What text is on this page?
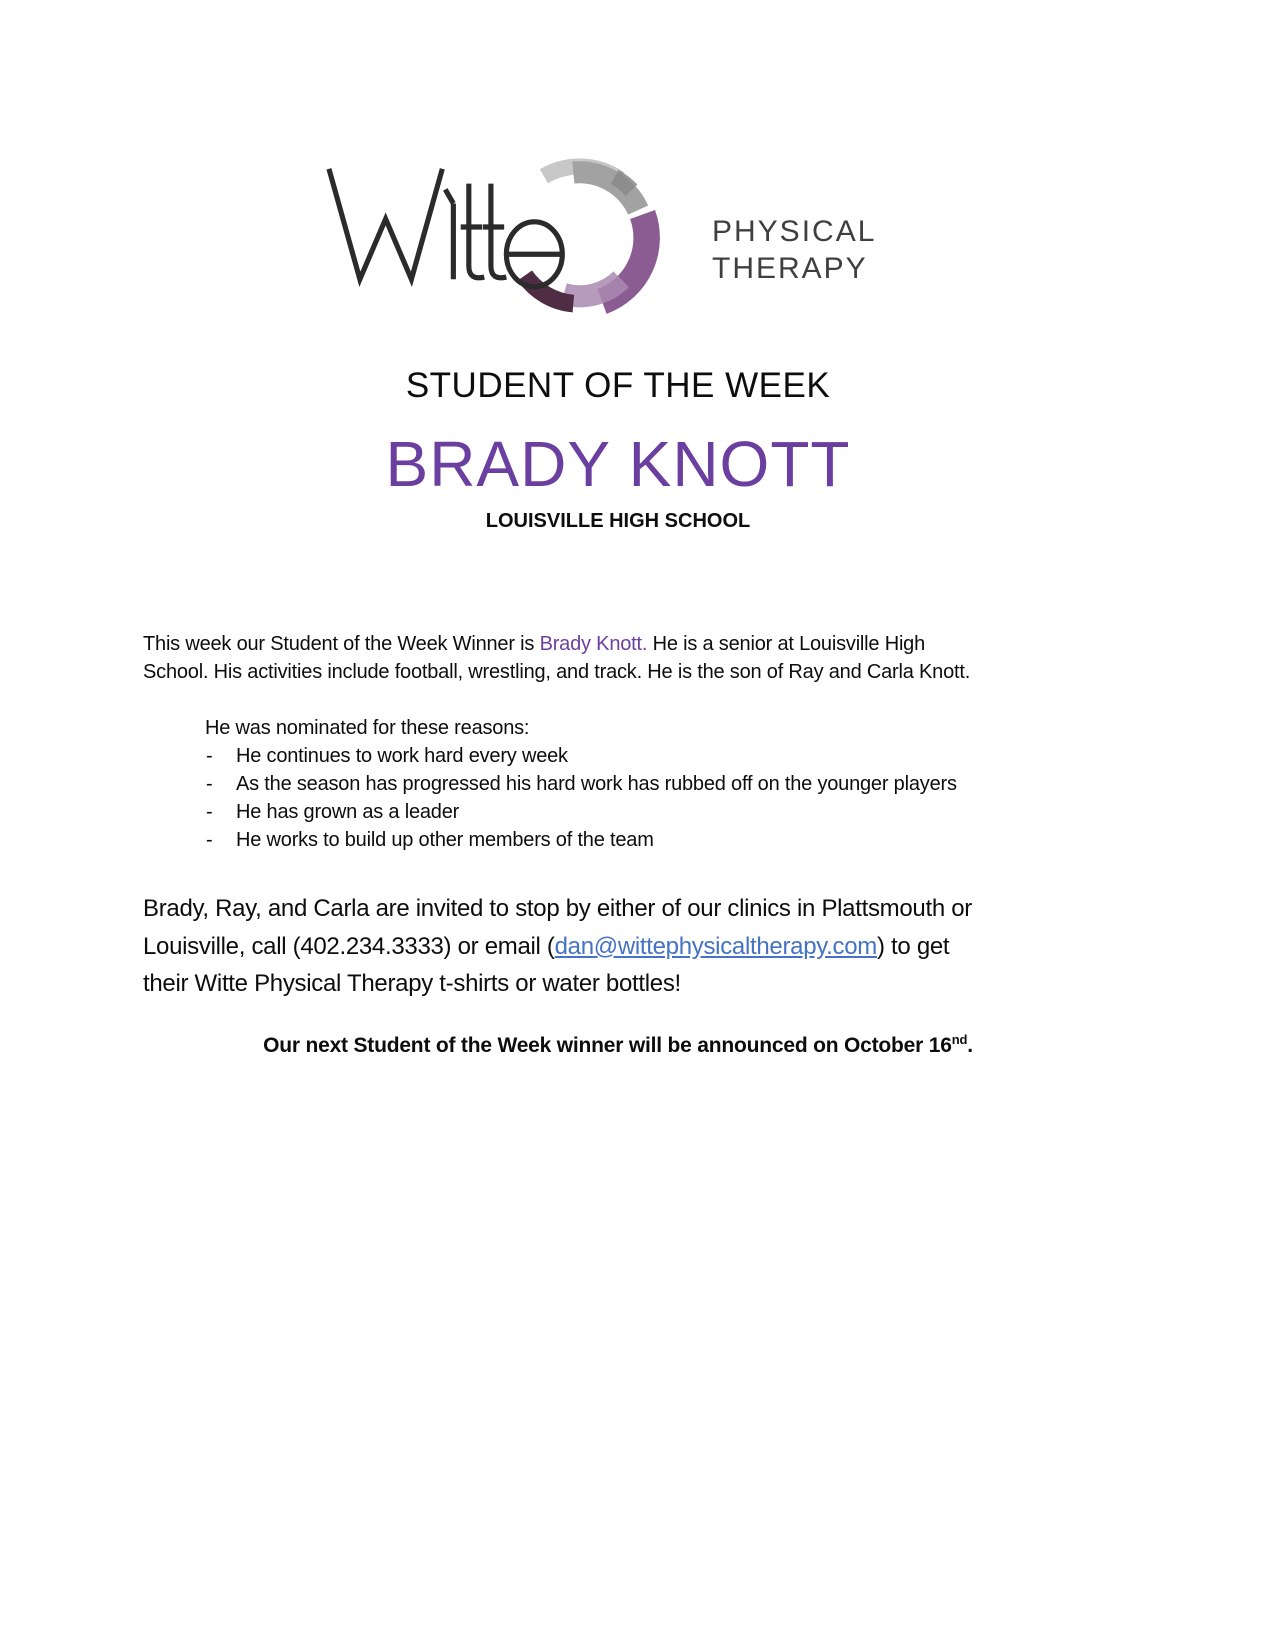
PHYSICAL
THERAPY
STUDENT OF THE WEEK
BRADY KNOTT
LOUISVILLE HIGH SCHOOL
This week our Student of the Week Winner is Brady Knott. He is a senior at Louisville High
School. His activities include football, wrestling, and track. He is the son of Ray and Carla Knott.
He was nominated for these reasons:
-	He continues to work hard every week
-	As the season has progressed his hard work has rubbed off on the younger players
-	He has grown as a leader
-	He works to build up other members of the team
Brady, Ray, and Carla are invited to stop by either of our clinics in Plattsmouth or
Louisville, call (402.234.3333) or email (dan@wittephysicaltherapy.com) to get
their Witte Physical Therapy t-shirts or water bottles!
Our next Student of the Week winner will be announced on October 16nd.
